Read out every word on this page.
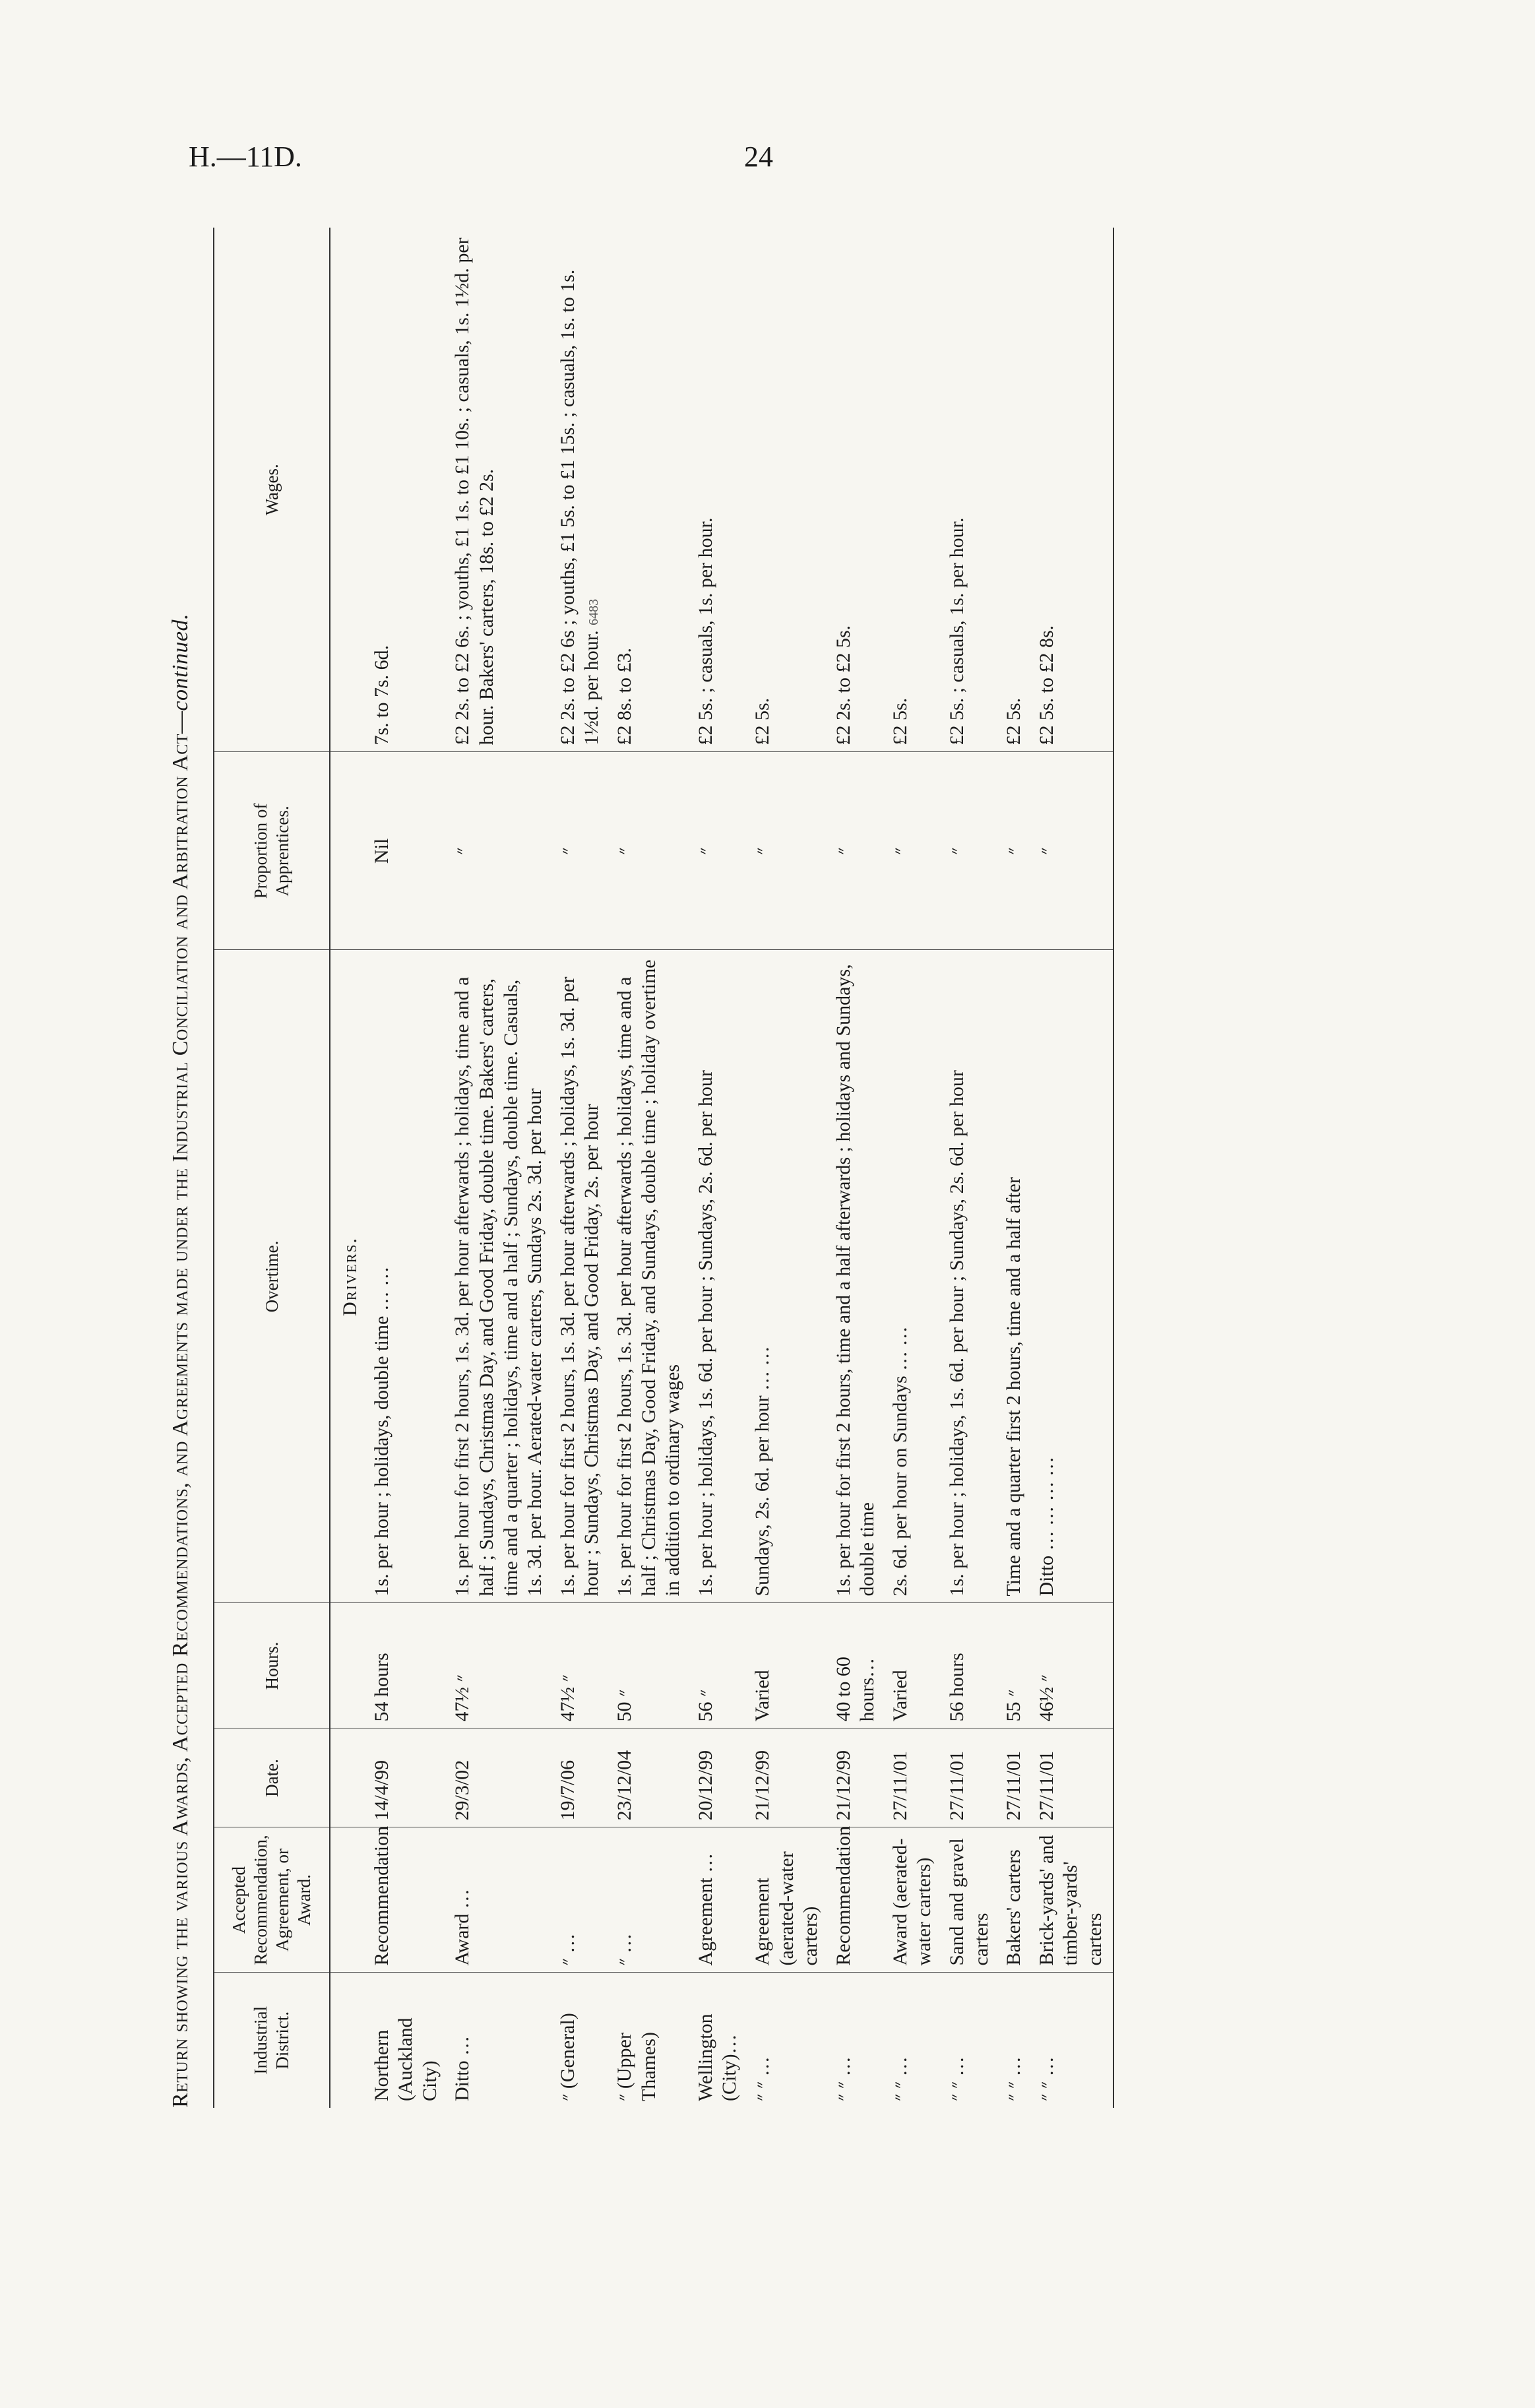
H.—11D.	24
Return showing the various Awards, Accepted Recommendations, and Agreements made under the Industrial Conciliation and Arbitration Act—continued.
Industrial District.	Accepted Recommendation, Agreement, or Award.	Date.	Hours.	Overtime.	Proportion of Apprentices.	Wages.
				Drivers.		
Northern (Auckland City)	Recommendation	14/4/99	54 hours	1s. per hour ; holidays, double time … …	Nil	7s. to 7s. 6d.
Ditto …	Award …	29/3/02	47½ ״	1s. per hour for first 2 hours, 1s. 3d. per hour afterwards ; holidays, time and a half ; Sundays, Christmas Day, and Good Friday, double time. Bakers' carters, time and a quarter ; holidays, time and a half ; Sundays, double time. Casuals, 1s. 3d. per hour. Aerated-water carters, Sundays 2s. 3d. per hour	״	£2 2s. to £2 6s. ; youths, £1 1s. to £1 10s. ; casuals, 1s. 1½d. per hour. Bakers' carters, 18s. to £2 2s.
״ (General)	״ …	19/7/06	47½ ״	1s. per hour for first 2 hours, 1s. 3d. per hour afterwards ; holidays, 1s. 3d. per hour ; Sundays, Christmas Day, and Good Friday, 2s. per hour	״	£2 2s. to £2 6s ; youths, £1 5s. to £1 15s. ; casuals, 1s. to 1s. 1½d. per hour. 6483
״ (Upper Thames)	״ …	23/12/04	50 ״	1s. per hour for first 2 hours, 1s. 3d. per hour afterwards ; holidays, time and a half ; Christmas Day, Good Friday, and Sundays, double time ; holiday overtime in addition to ordinary wages	״	£2 8s. to £3.
Wellington (City)…	Agreement …	20/12/99	56 ״	1s. per hour ; holidays, 1s. 6d. per hour ; Sundays, 2s. 6d. per hour	״	£2 5s. ; casuals, 1s. per hour.
״ ״ …	Agreement (aerated-water carters)	21/12/99	Varied	Sundays, 2s. 6d. per hour … …	״	£2 5s.
״ ״ …	Recommendation	21/12/99	40 to 60 hours…	1s. per hour for first 2 hours, time and a half afterwards ; holidays and Sundays, double time	״	£2 2s. to £2 5s.
״ ״ …	Award (aerated-water carters)	27/11/01	Varied	2s. 6d. per hour on Sundays … …	״	£2 5s.
״ ״ …	Sand and gravel carters	27/11/01	56 hours	1s. per hour ; holidays, 1s. 6d. per hour ; Sundays, 2s. 6d. per hour	״	£2 5s. ; casuals, 1s. per hour.
״ ״ …	Bakers' carters	27/11/01	55 ״	Time and a quarter first 2 hours, time and a half after	״	£2 5s.
״ ״ …	Brick-yards' and timber-yards' carters	27/11/01	46½ ״	Ditto … … … …	״	£2 5s. to £2 8s.
